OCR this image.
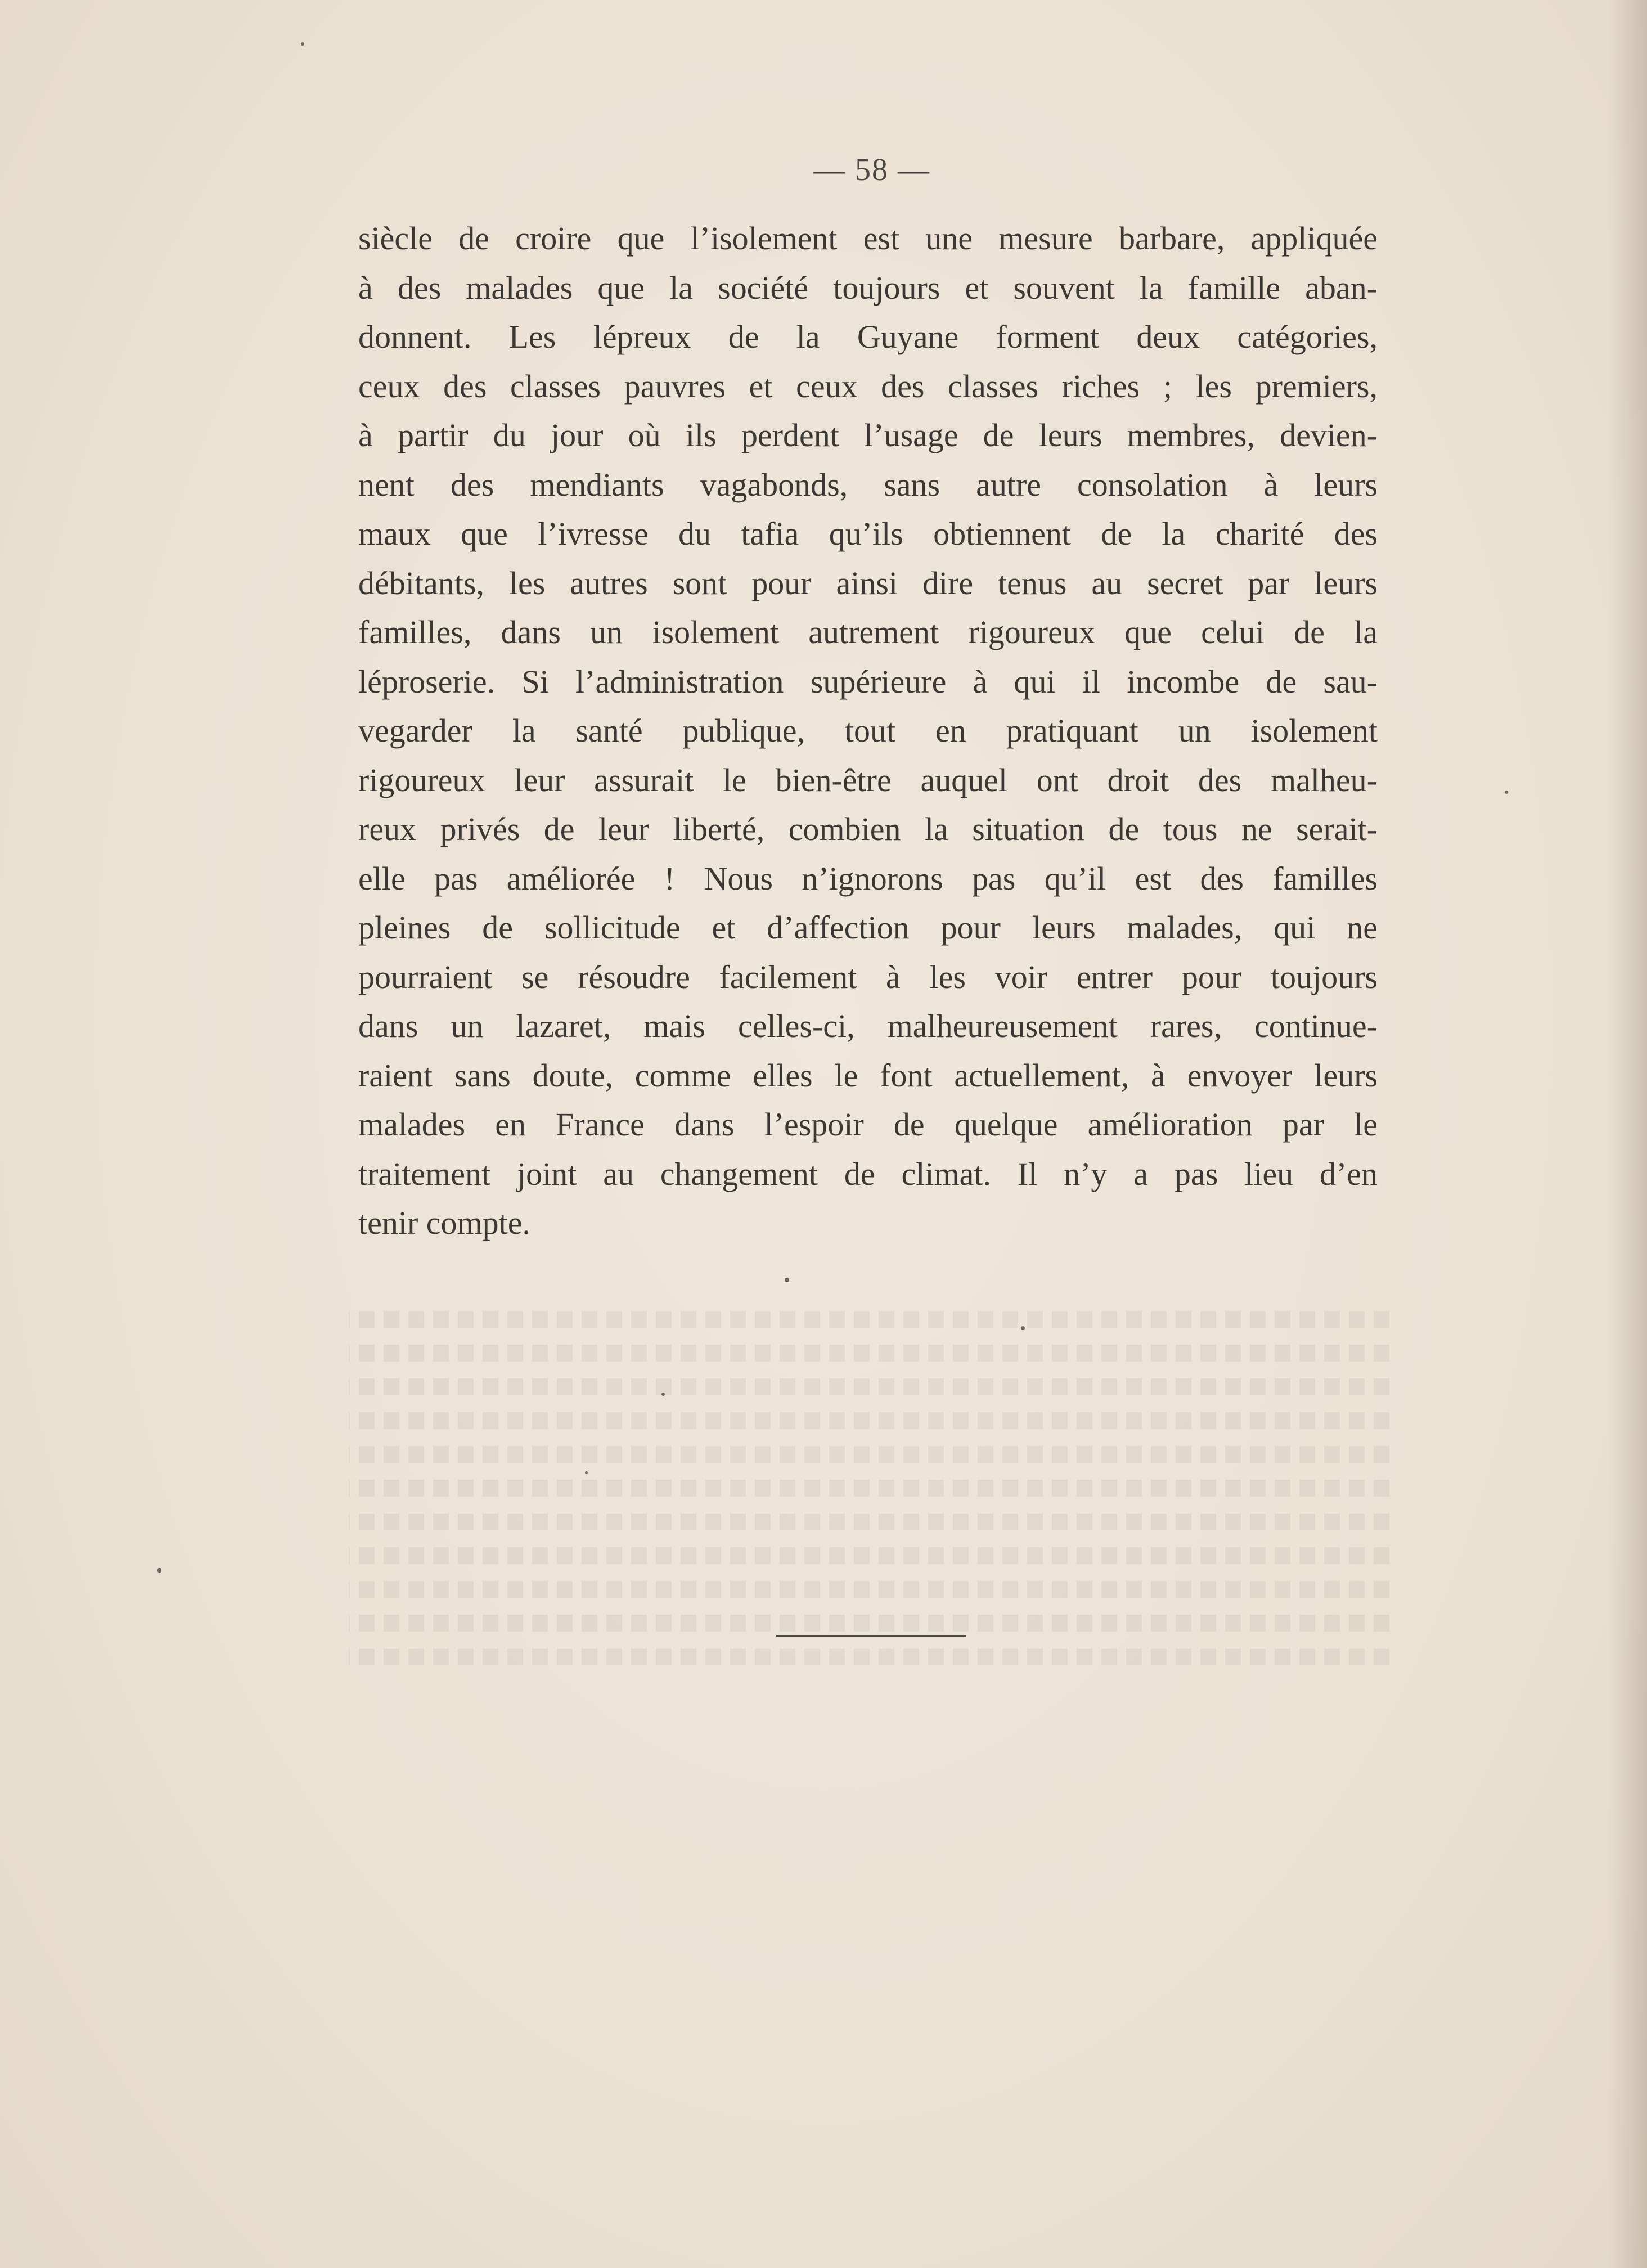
— 58 —
siècle de croire que l’isolement est une mesure barbare, appliquée
à des malades que la société toujours et souvent la famille aban-
donnent. Les lépreux de la Guyane forment deux catégories,
ceux des classes pauvres et ceux des classes riches ; les premiers,
à partir du jour où ils perdent l’usage de leurs membres, devien-
nent des mendiants vagabonds, sans autre consolation à leurs
maux que l’ivresse du tafia qu’ils obtiennent de la charité des
débitants, les autres sont pour ainsi dire tenus au secret par leurs
familles, dans un isolement autrement rigoureux que celui de la
léproserie. Si l’administration supérieure à qui il incombe de sau-
vegarder la santé publique, tout en pratiquant un isolement
rigoureux leur assurait le bien-être auquel ont droit des malheu-
reux privés de leur liberté, combien la situation de tous ne serait-
elle pas améliorée ! Nous n’ignorons pas qu’il est des familles
pleines de sollicitude et d’affection pour leurs malades, qui ne
pourraient se résoudre facilement à les voir entrer pour toujours
dans un lazaret, mais celles-ci, malheureusement rares, continue-
raient sans doute, comme elles le font actuellement, à envoyer leurs
malades en France dans l’espoir de quelque amélioration par le
traitement joint au changement de climat. Il n’y a pas lieu d’en
tenir compte.
